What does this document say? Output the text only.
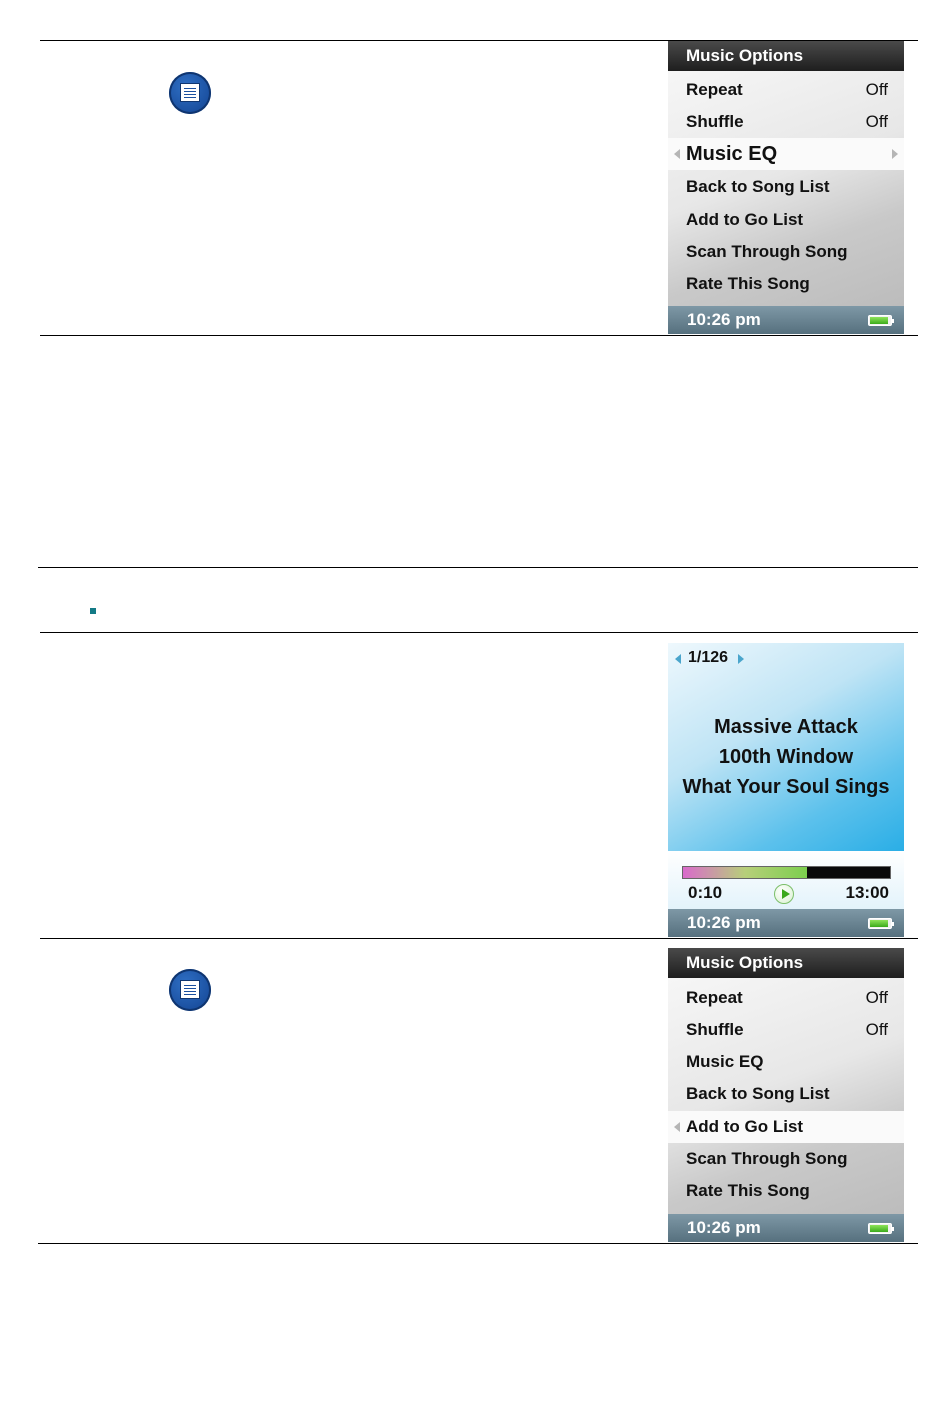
Music Options
Repeat	Off
Shuffle	Off
Music EQ
Back to Song List
Add to Go List
Scan Through Song
Rate This Song
10:26 pm
1/126
Massive Attack
100th Window
What Your Soul Sings
0:10	13:00
10:26 pm
Music Options
Repeat	Off
Shuffle	Off
Music EQ
Back to Song List
Add to Go List
Scan Through Song
Rate This Song
10:26 pm
